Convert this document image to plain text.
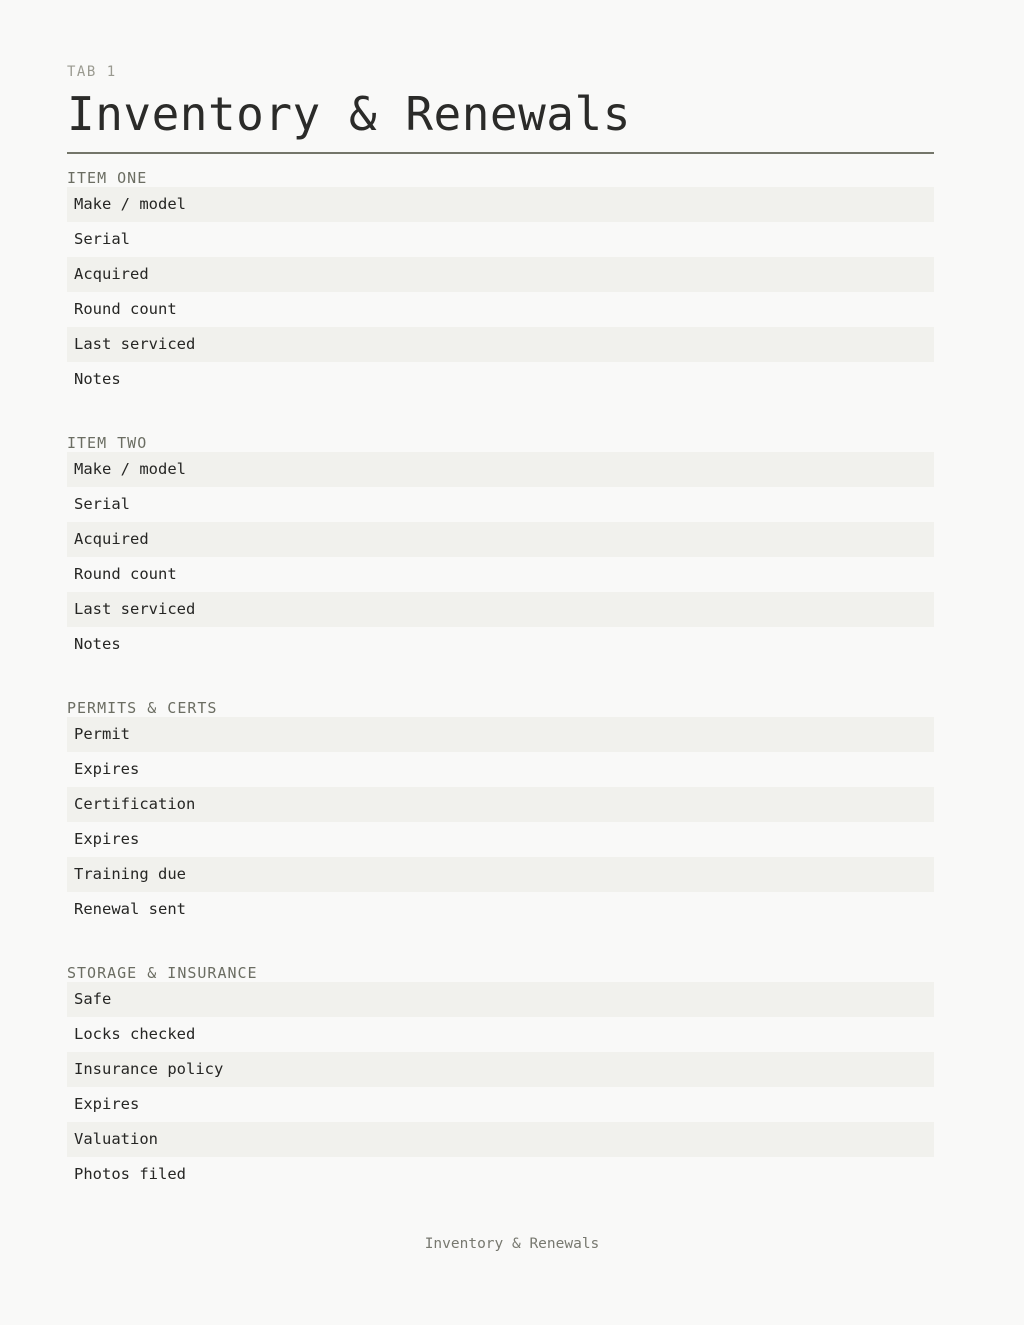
TAB 1
Inventory & Renewals
ITEM ONE
Make / model
Serial
Acquired
Round count
Last serviced
Notes
ITEM TWO
Make / model
Serial
Acquired
Round count
Last serviced
Notes
PERMITS & CERTS
Permit
Expires
Certification
Expires
Training due
Renewal sent
STORAGE & INSURANCE
Safe
Locks checked
Insurance policy
Expires
Valuation
Photos filed
Inventory & Renewals
